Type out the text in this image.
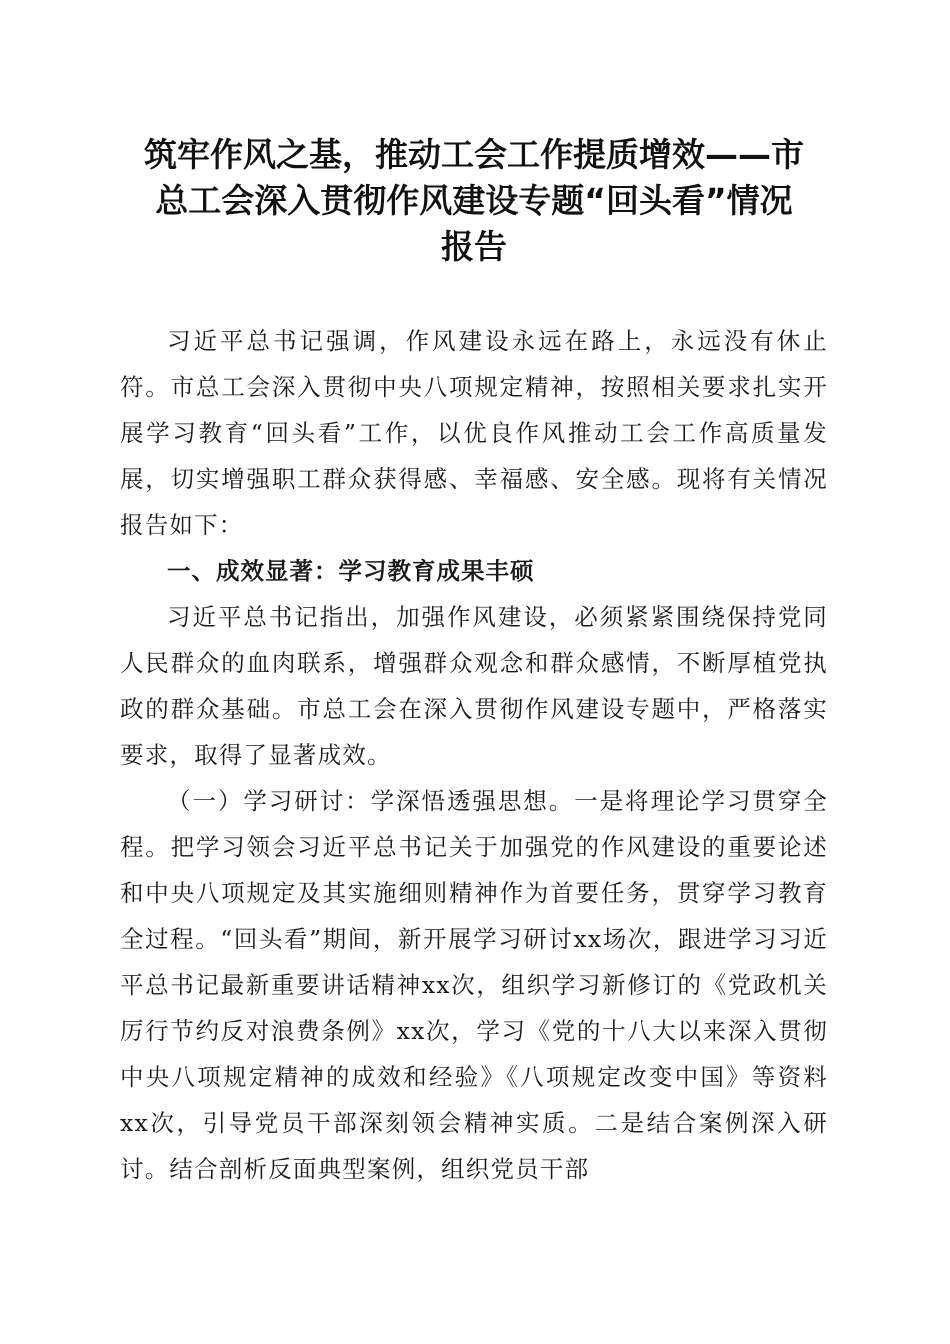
筑牢作风之基，推动工会工作提质增效——市
总工会深入贯彻作风建设专题“回头看”情况
报告

习近平总书记强调，作风建设永远在路上，永远没有休止符。市总工会深入贯彻中央八项规定精神，按照相关要求扎实开展学习教育“回头看”工作，以优良作风推动工会工作高质量发展，切实增强职工群众获得感、幸福感、安全感。现将有关情况报告如下：

一、成效显著：学习教育成果丰硕

习近平总书记指出，加强作风建设，必须紧紧围绕保持党同人民群众的血肉联系，增强群众观念和群众感情，不断厚植党执政的群众基础。市总工会在深入贯彻作风建设专题中，严格落实要求，取得了显著成效。

（一）学习研讨：学深悟透强思想。一是将理论学习贯穿全程。把学习领会习近平总书记关于加强党的作风建设的重要论述和中央八项规定及其实施细则精神作为首要任务，贯穿学习教育全过程。“回头看”期间，新开展学习研讨xx场次，跟进学习习近平总书记最新重要讲话精神xx次，组织学习新修订的《党政机关厉行节约反对浪费条例》xx次，学习《党的十八大以来深入贯彻中央八项规定精神的成效和经验》《八项规定改变中国》等资料xx次，引导党员干部深刻领会精神实质。二是结合案例深入研讨。结合剖析反面典型案例，组织党员干部
